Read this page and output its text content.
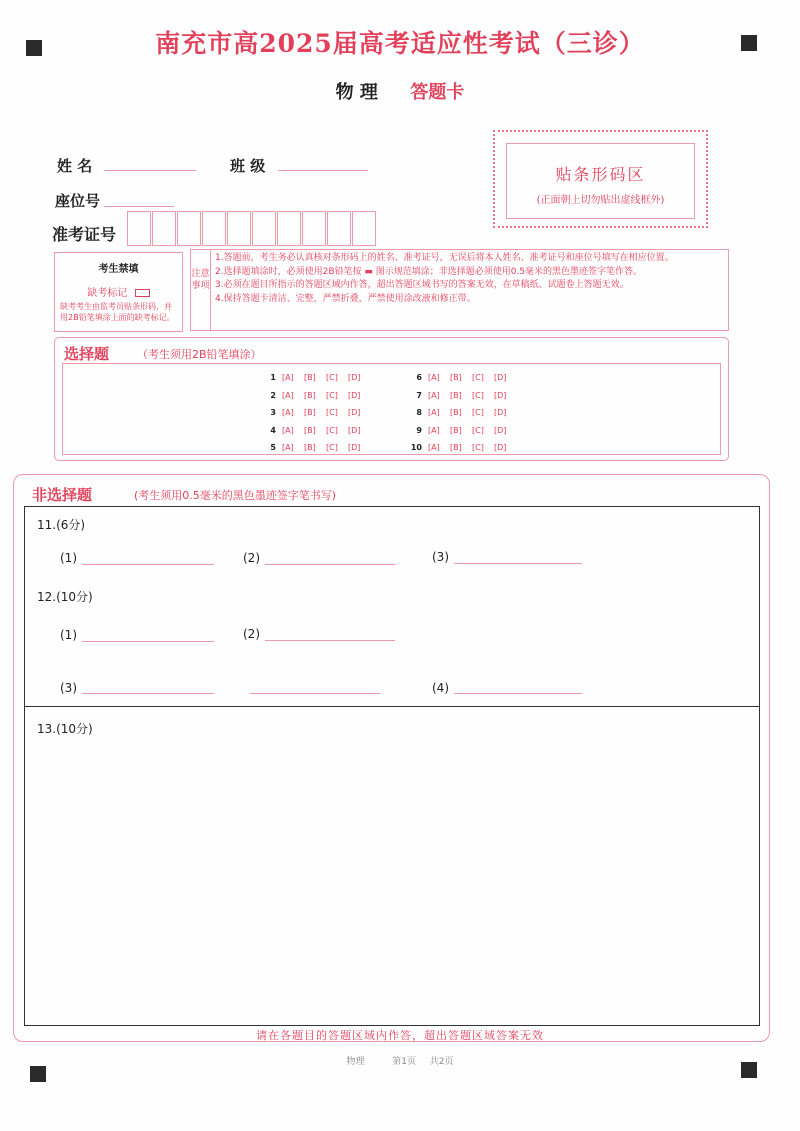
南充市高2025届高考适应性考试（三诊）
物 理 答题卡
姓 名	班 级
座位号
准考证号
贴条形码区
(正面朝上切勿贴出虚线框外)
考生禁填
缺考标记
缺考考生由监考员贴条形码，并用2B铅笔填涂上面的缺考标记。
注意事项
1.答题前，考生务必认真核对条形码上的姓名、准考证号，无误后将本人姓名、准考证号和座位号填写在相应位置。
2.选择题填涂时，必须使用2B铅笔按 ▬ 图示规范填涂；非选择题必须使用0.5毫米的黑色墨迹签字笔作答。
3.必须在题目所指示的答题区域内作答，超出答题区域书写的答案无效，在草稿纸、试题卷上答题无效。
4.保持答题卡清洁、完整，严禁折叠，严禁使用涂改液和修正带。
选择题	（考生须用2B铅笔填涂）
1 [A] [B] [C] [D]
2 [A] [B] [C] [D]
3 [A] [B] [C] [D]
4 [A] [B] [C] [D]
5 [A] [B] [C] [D]
6 [A] [B] [C] [D]
7 [A] [B] [C] [D]
8 [A] [B] [C] [D]
9 [A] [B] [C] [D]
10 [A] [B] [C] [D]
非选择题	(考生须用0.5毫米的黑色墨迹签字笔书写)
11.(6分)
(1)	(2)	(3)
12.(10分)
(1)	(2)
(3)	(4)
13.(10分)
请在各题目的答题区域内作答，超出答题区域答案无效
物理	第1页 共2页
